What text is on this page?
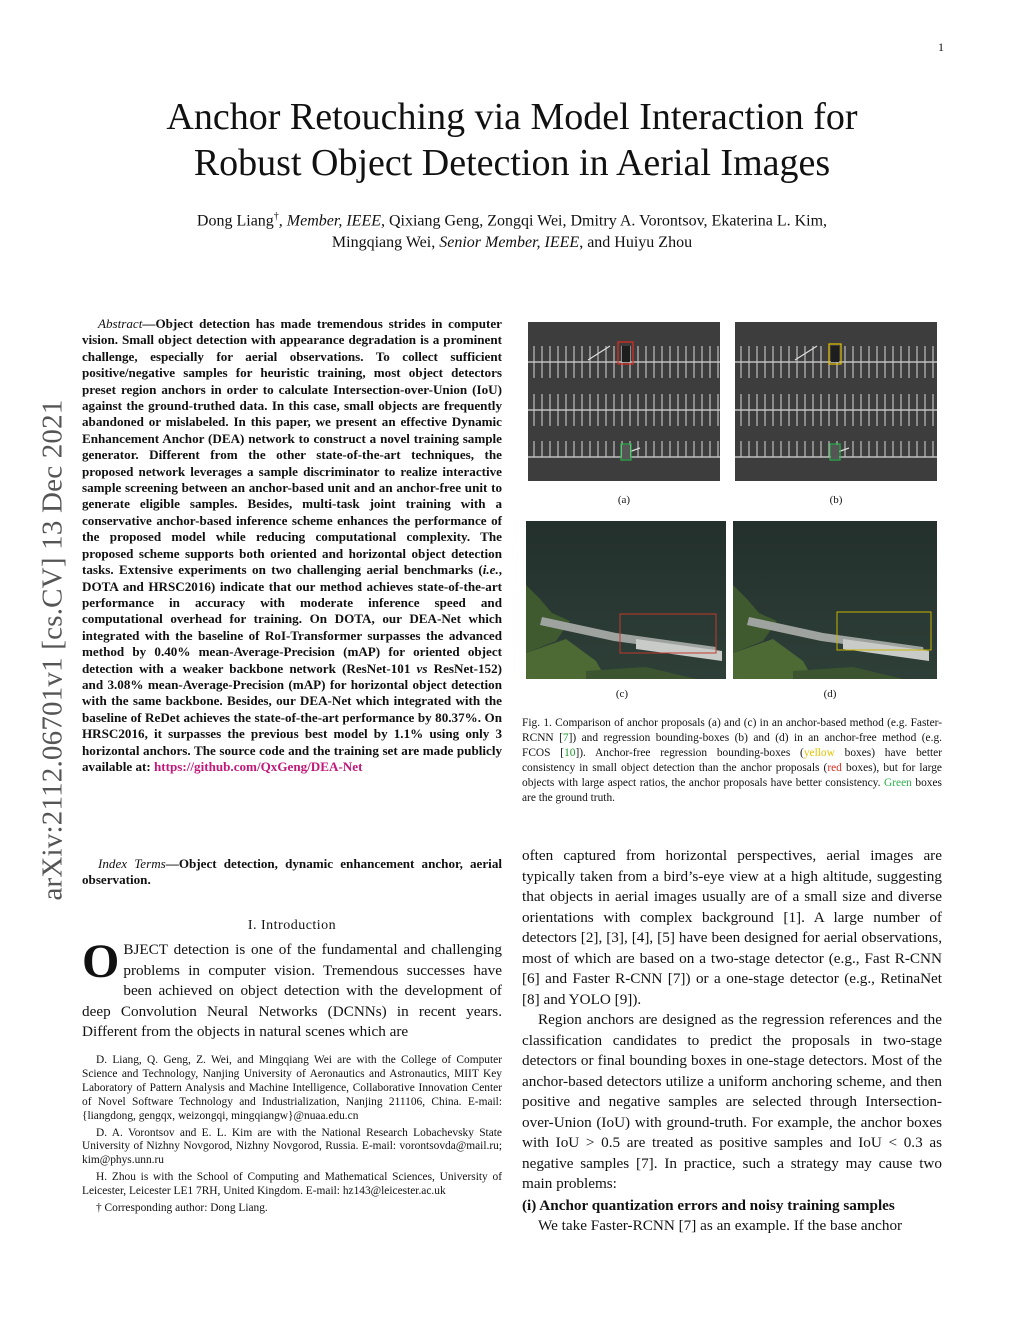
1
arXiv:2112.06701v1 [cs.CV] 13 Dec 2021
Anchor Retouching via Model Interaction for
Robust Object Detection in Aerial Images
Dong Liang†, Member, IEEE, Qixiang Geng, Zongqi Wei, Dmitry A. Vorontsov, Ekaterina L. Kim,
Mingqiang Wei, Senior Member, IEEE, and Huiyu Zhou
Abstract—Object detection has made tremendous strides in computer vision. Small object detection with appearance degradation is a prominent challenge, especially for aerial observations. To collect sufficient positive/negative samples for heuristic training, most object detectors preset region anchors in order to calculate Intersection-over-Union (IoU) against the ground-truthed data. In this case, small objects are frequently abandoned or mislabeled. In this paper, we present an effective Dynamic Enhancement Anchor (DEA) network to construct a novel training sample generator. Different from the other state-of-the-art techniques, the proposed network leverages a sample discriminator to realize interactive sample screening between an anchor-based unit and an anchor-free unit to generate eligible samples. Besides, multi-task joint training with a conservative anchor-based inference scheme enhances the performance of the proposed model while reducing computational complexity. The proposed scheme supports both oriented and horizontal object detection tasks. Extensive experiments on two challenging aerial benchmarks (i.e., DOTA and HRSC2016) indicate that our method achieves state-of-the-art performance in accuracy with moderate inference speed and computational overhead for training. On DOTA, our DEA-Net which integrated with the baseline of RoI-Transformer surpasses the advanced method by 0.40% mean-Average-Precision (mAP) for oriented object detection with a weaker backbone network (ResNet-101 vs ResNet-152) and 3.08% mean-Average-Precision (mAP) for horizontal object detection with the same backbone. Besides, our DEA-Net which integrated with the baseline of ReDet achieves the state-of-the-art performance by 80.37%. On HRSC2016, it surpasses the previous best model by 1.1% using only 3 horizontal anchors. The source code and the training set are made publicly available at: https://github.com/QxGeng/DEA-Net
Index Terms—Object detection, dynamic enhancement anchor, aerial observation.
I. Introduction
OBJECT detection is one of the fundamental and challenging problems in computer vision. Tremendous successes have been achieved on object detection with the development of deep Convolution Neural Networks (DCNNs) in recent years. Different from the objects in natural scenes which are

D. Liang, Q. Geng, Z. Wei, and Mingqiang Wei are with the College of Computer Science and Technology, Nanjing University of Aeronautics and Astronautics, MIIT Key Laboratory of Pattern Analysis and Machine Intelligence, Collaborative Innovation Center of Novel Software Technology and Industrialization, Nanjing 211106, China. E-mail: {liangdong, gengqx, weizongqi, mingqiangw}@nuaa.edu.cn

D. A. Vorontsov and E. L. Kim are with the National Research Lobachevsky State University of Nizhny Novgorod, Nizhny Novgorod, Russia. E-mail: vorontsovda@mail.ru; kim@phys.unn.ru

H. Zhou is with the School of Computing and Mathematical Sciences, University of Leicester, Leicester LE1 7RH, United Kingdom. E-mail: hz143@leicester.ac.uk

† Corresponding author: Dong Liang.

(a)	(b)
(c)	(d)
Fig. 1. Comparison of anchor proposals (a) and (c) in an anchor-based method (e.g. Faster-RCNN [7]) and regression bounding-boxes (b) and (d) in an anchor-free method (e.g. FCOS [10]). Anchor-free regression bounding-boxes (yellow boxes) have better consistency in small object detection than the anchor proposals (red boxes), but for large objects with large aspect ratios, the anchor proposals have better consistency. Green boxes are the ground truth.

often captured from horizontal perspectives, aerial images are typically taken from a bird’s-eye view at a high altitude, suggesting that objects in aerial images usually are of a small size and diverse orientations with complex background [1]. A large number of detectors [2], [3], [4], [5] have been designed for aerial observations, most of which are based on a two-stage detector (e.g., Fast R-CNN [6] and Faster R-CNN [7]) or a one-stage detector (e.g., RetinaNet [8] and YOLO [9]).

Region anchors are designed as the regression references and the classification candidates to predict the proposals in two-stage detectors or final bounding boxes in one-stage detectors. Most of the anchor-based detectors utilize a uniform anchoring scheme, and then positive and negative samples are selected through Intersection-over-Union (IoU) with ground-truth. For example, the anchor boxes with IoU > 0.5 are treated as positive samples and IoU < 0.3 as negative samples [7]. In practice, such a strategy may cause two main problems:

(i) Anchor quantization errors and noisy training samples

We take Faster-RCNN [7] as an example. If the base anchor
